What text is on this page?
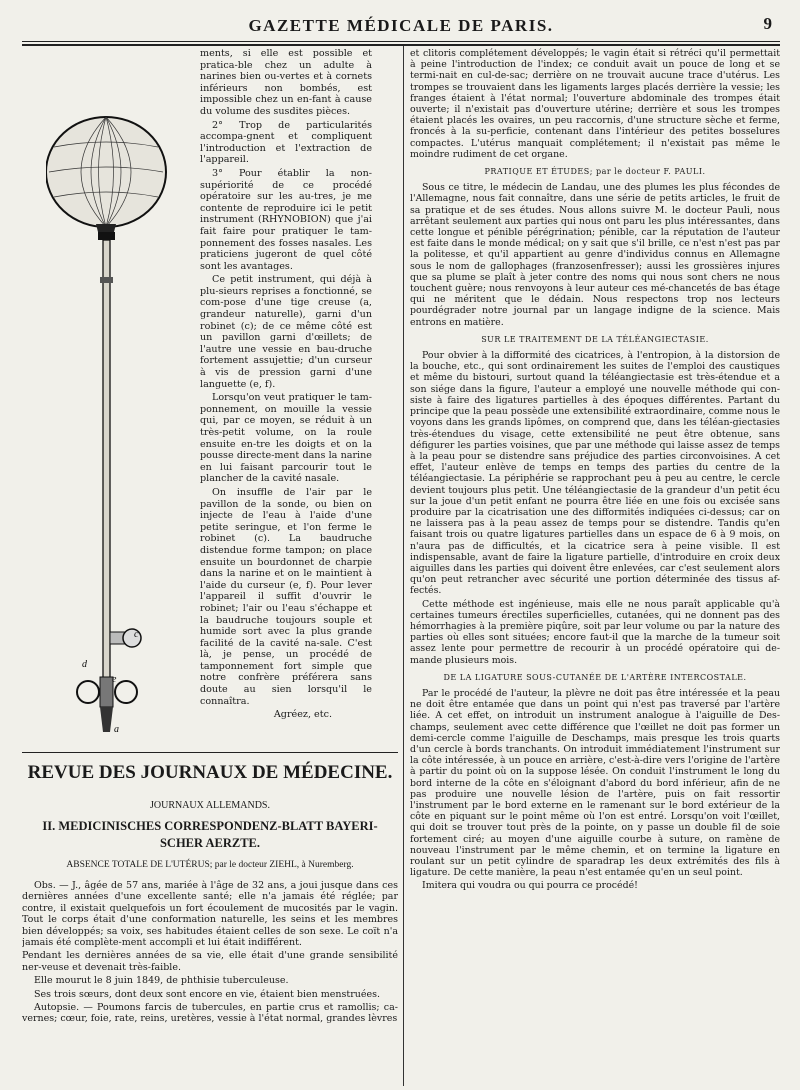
GAZETTE MÉDICALE DE PARIS.	9
c
e
d
a

ments, si elle est possible et pratica-ble chez un adulte à narines bien ou-vertes et à cornets inférieurs non bombés, est impossible chez un en-fant à cause du volume des susdites pièces.

2° Trop de particularités accompa-gnent et compliquent l'introduction et l'extraction de l'appareil.

3° Pour établir la non-supériorité de ce procédé opératoire sur les au-tres, je me contente de reproduire ici le petit instrument (RHYNOBION) que j'ai fait faire pour pratiquer le tam-ponnement des fosses nasales. Les praticiens jugeront de quel côté sont les avantages.

Ce petit instrument, qui déjà à plu-sieurs reprises a fonctionné, se com-pose d'une tige creuse (a, grandeur naturelle), garni d'un robinet (c); de ce même côté est un pavillon garni d'œillets; de l'autre une vessie en bau-druche fortement assujettie; d'un curseur à vis de pression garni d'une languette (e, f).

Lorsqu'on veut pratiquer le tam-ponnement, on mouille la vessie qui, par ce moyen, se réduit à un très-petit volume, on la roule ensuite en-tre les doigts et on la pousse directe-ment dans la narine en lui faisant parcourir tout le plancher de la cavité nasale.

On insuffle de l'air par le pavillon de la sonde, ou bien on injecte de l'eau à l'aide d'une petite seringue, et l'on ferme le robinet (c). La baudruche distendue forme tampon; on place ensuite un bourdonnet de charpie dans la narine et on le maintient à l'aide du curseur (e, f). Pour lever l'appareil il suffit d'ouvrir le robinet; l'air ou l'eau s'échappe et la baudruche toujours souple et humide sort avec la plus grande facilité de la cavité na-sale. C'est là, je pense, un procédé de tamponnement fort simple que notre confrère préférera sans doute au sien lorsqu'il le connaîtra.

Agréez, etc.

REVUE DES JOURNAUX DE MÉDECINE.
JOURNAUX ALLEMANDS.
II. MEDICINISCHES CORRESPONDENZ-BLATT BAYERI-SCHER AERZTE.
ABSENCE TOTALE DE L'UTÉRUS; par le docteur ZIEHL, à Nuremberg.

Obs. — J., âgée de 57 ans, mariée à l'âge de 32 ans, a joui jusque dans ces dernières années d'une excellente santé; elle n'a jamais été réglée; par contre, il existait quelquefois un fort écoulement de mucosités par le vagin. Tout le corps était d'une conformation naturelle, les seins et les membres bien développés; sa voix, ses habitudes étaient celles de son sexe. Le coït n'a jamais été complète-ment accompli et lui était indifférent.

Pendant les dernières années de sa vie, elle était d'une grande sensibilité ner-veuse et devenait très-faible.

Elle mourut le 8 juin 1849, de phthisie tuberculeuse.

Ses trois sœurs, dont deux sont encore en vie, étaient bien menstruées.

Autopsie. — Poumons farcis de tubercules, en partie crus et ramollis; ca-vernes; cœur, foie, rate, reins, uretères, vessie à l'état normal, grandes lèvres

et clitoris complétement développés; le vagin était si rétréci qu'il permettait à peine l'introduction de l'index; ce conduit avait un pouce de long et se termi-nait en cul-de-sac; derrière on ne trouvait aucune trace d'utérus. Les trompes se trouvaient dans les ligaments larges placés derrière la vessie; les franges étaient à l'état normal; l'ouverture abdominale des trompes était ouverte; il n'existait pas d'ouverture utérine; derrière et sous les trompes étaient placés les ovaires, un peu raccornis, d'une structure sèche et ferme, froncés à la su-perficie, contenant dans l'intérieur des petites bosselures compactes. L'utérus manquait complétement; il n'existait pas même le moindre rudiment de cet organe.

PRATIQUE ET ÉTUDES; par le docteur F. PAULI.

Sous ce titre, le médecin de Landau, une des plumes les plus fécondes de l'Allemagne, nous fait connaître, dans une série de petits articles, le fruit de sa pratique et de ses études. Nous allons suivre M. le docteur Pauli, nous arrêtant seulement aux parties qui nous ont paru les plus intéressantes, dans cette longue et pénible pérégrination; pénible, car la réputation de l'auteur est faite dans le monde médical; on y sait que s'il brille, ce n'est n'est pas par la politesse, et qu'il appartient au genre d'individus connus en Allemagne sous le nom de gallophages (franzosenfresser); aussi les grossières injures que sa plume se plaît à jeter contre des noms qui nous sont chers ne nous touchent guère; nous renvoyons à leur auteur ces mé-chancetés de bas étage qui ne méritent que le dédain. Nous respectons trop nos lecteurs pourdégrader notre journal par un langage indigne de la science. Mais entrons en matière.

SUR LE TRAITEMENT DE LA TÉLÉANGIECTASIE.

Pour obvier à la difformité des cicatrices, à l'entropion, à la distorsion de la bouche, etc., qui sont ordinairement les suites de l'emploi des caustiques et même du bistouri, surtout quand la téléangiectasie est très-étendue et a son siége dans la figure, l'auteur a employé une nouvelle méthode qui con-siste à faire des ligatures partielles à des époques différentes. Partant du principe que la peau possède une extensibilité extraordinaire, comme nous le voyons dans les grands lipômes, on comprend que, dans les téléan-giectasies très-étendues du visage, cette extensibilité ne peut être obtenue, sans défigurer les parties voisines, que par une méthode qui laisse assez de temps à la peau pour se distendre sans préjudice des parties circonvoisines. A cet effet, l'auteur enlève de temps en temps des parties du centre de la téléangiectasie. La périphérie se rapprochant peu à peu au centre, le cercle devient toujours plus petit. Une téléangiectasie de la grandeur d'un petit écu sur la joue d'un petit enfant ne pourra être liée en une fois ou excisée sans produire par la cicatrisation une des difformités indiquées ci-dessus; car on ne laissera pas à la peau assez de temps pour se distendre. Tandis qu'en faisant trois ou quatre ligatures partielles dans un espace de 6 à 9 mois, on n'aura pas de difficultés, et la cicatrice sera à peine visible. Il est indispensable, avant de faire la ligature partielle, d'introduire en croix deux aiguilles dans les parties qui doivent être enlevées, car c'est seulement alors qu'on peut retrancher avec sécurité une portion déterminée des tissus af-fectés.

Cette méthode est ingénieuse, mais elle ne nous paraît applicable qu'à certaines tumeurs érectiles superficielles, cutanées, qui ne donnent pas des hémorrhagies à la première piqûre, soit par leur volume ou par la nature des parties où elles sont situées; encore faut-il que la marche de la tumeur soit assez lente pour permettre de recourir à un procédé opératoire qui de-mande plusieurs mois.

DE LA LIGATURE SOUS-CUTANÉE DE L'ARTÈRE INTERCOSTALE.

Par le procédé de l'auteur, la plèvre ne doit pas être intéressée et la peau ne doit être entamée que dans un point qui n'est pas traversé par l'artère liée. A cet effet, on introduit un instrument analogue à l'aiguille de Des-champs, seulement avec cette différence que l'œillet ne doit pas former un demi-cercle comme l'aiguille de Deschamps, mais presque les trois quarts d'un cercle à bords tranchants. On introduit immédiatement l'instrument sur la côte intéressée, à un pouce en arrière, c'est-à-dire vers l'origine de l'artère à partir du point où on la suppose lésée. On conduit l'instrument le long du bord interne de la côte en s'éloignant d'abord du bord inférieur, afin de ne pas produire une nouvelle lésion de l'artère, puis on fait ressortir l'instrument par le bord externe en le ramenant sur le bord extérieur de la côte en piquant sur le point même où l'on est entré. Lorsqu'on voit l'œillet, qui doit se trouver tout près de la pointe, on y passe un double fil de soie fortement ciré; au moyen d'une aiguille courbe à suture, on ramène de nouveau l'instrument par le même chemin, et on termine la ligature en roulant sur un petit cylindre de sparadrap les deux extrémités des fils à ligature. De cette manière, la peau n'est entamée qu'en un seul point.

Imitera qui voudra ou qui pourra ce procédé!
